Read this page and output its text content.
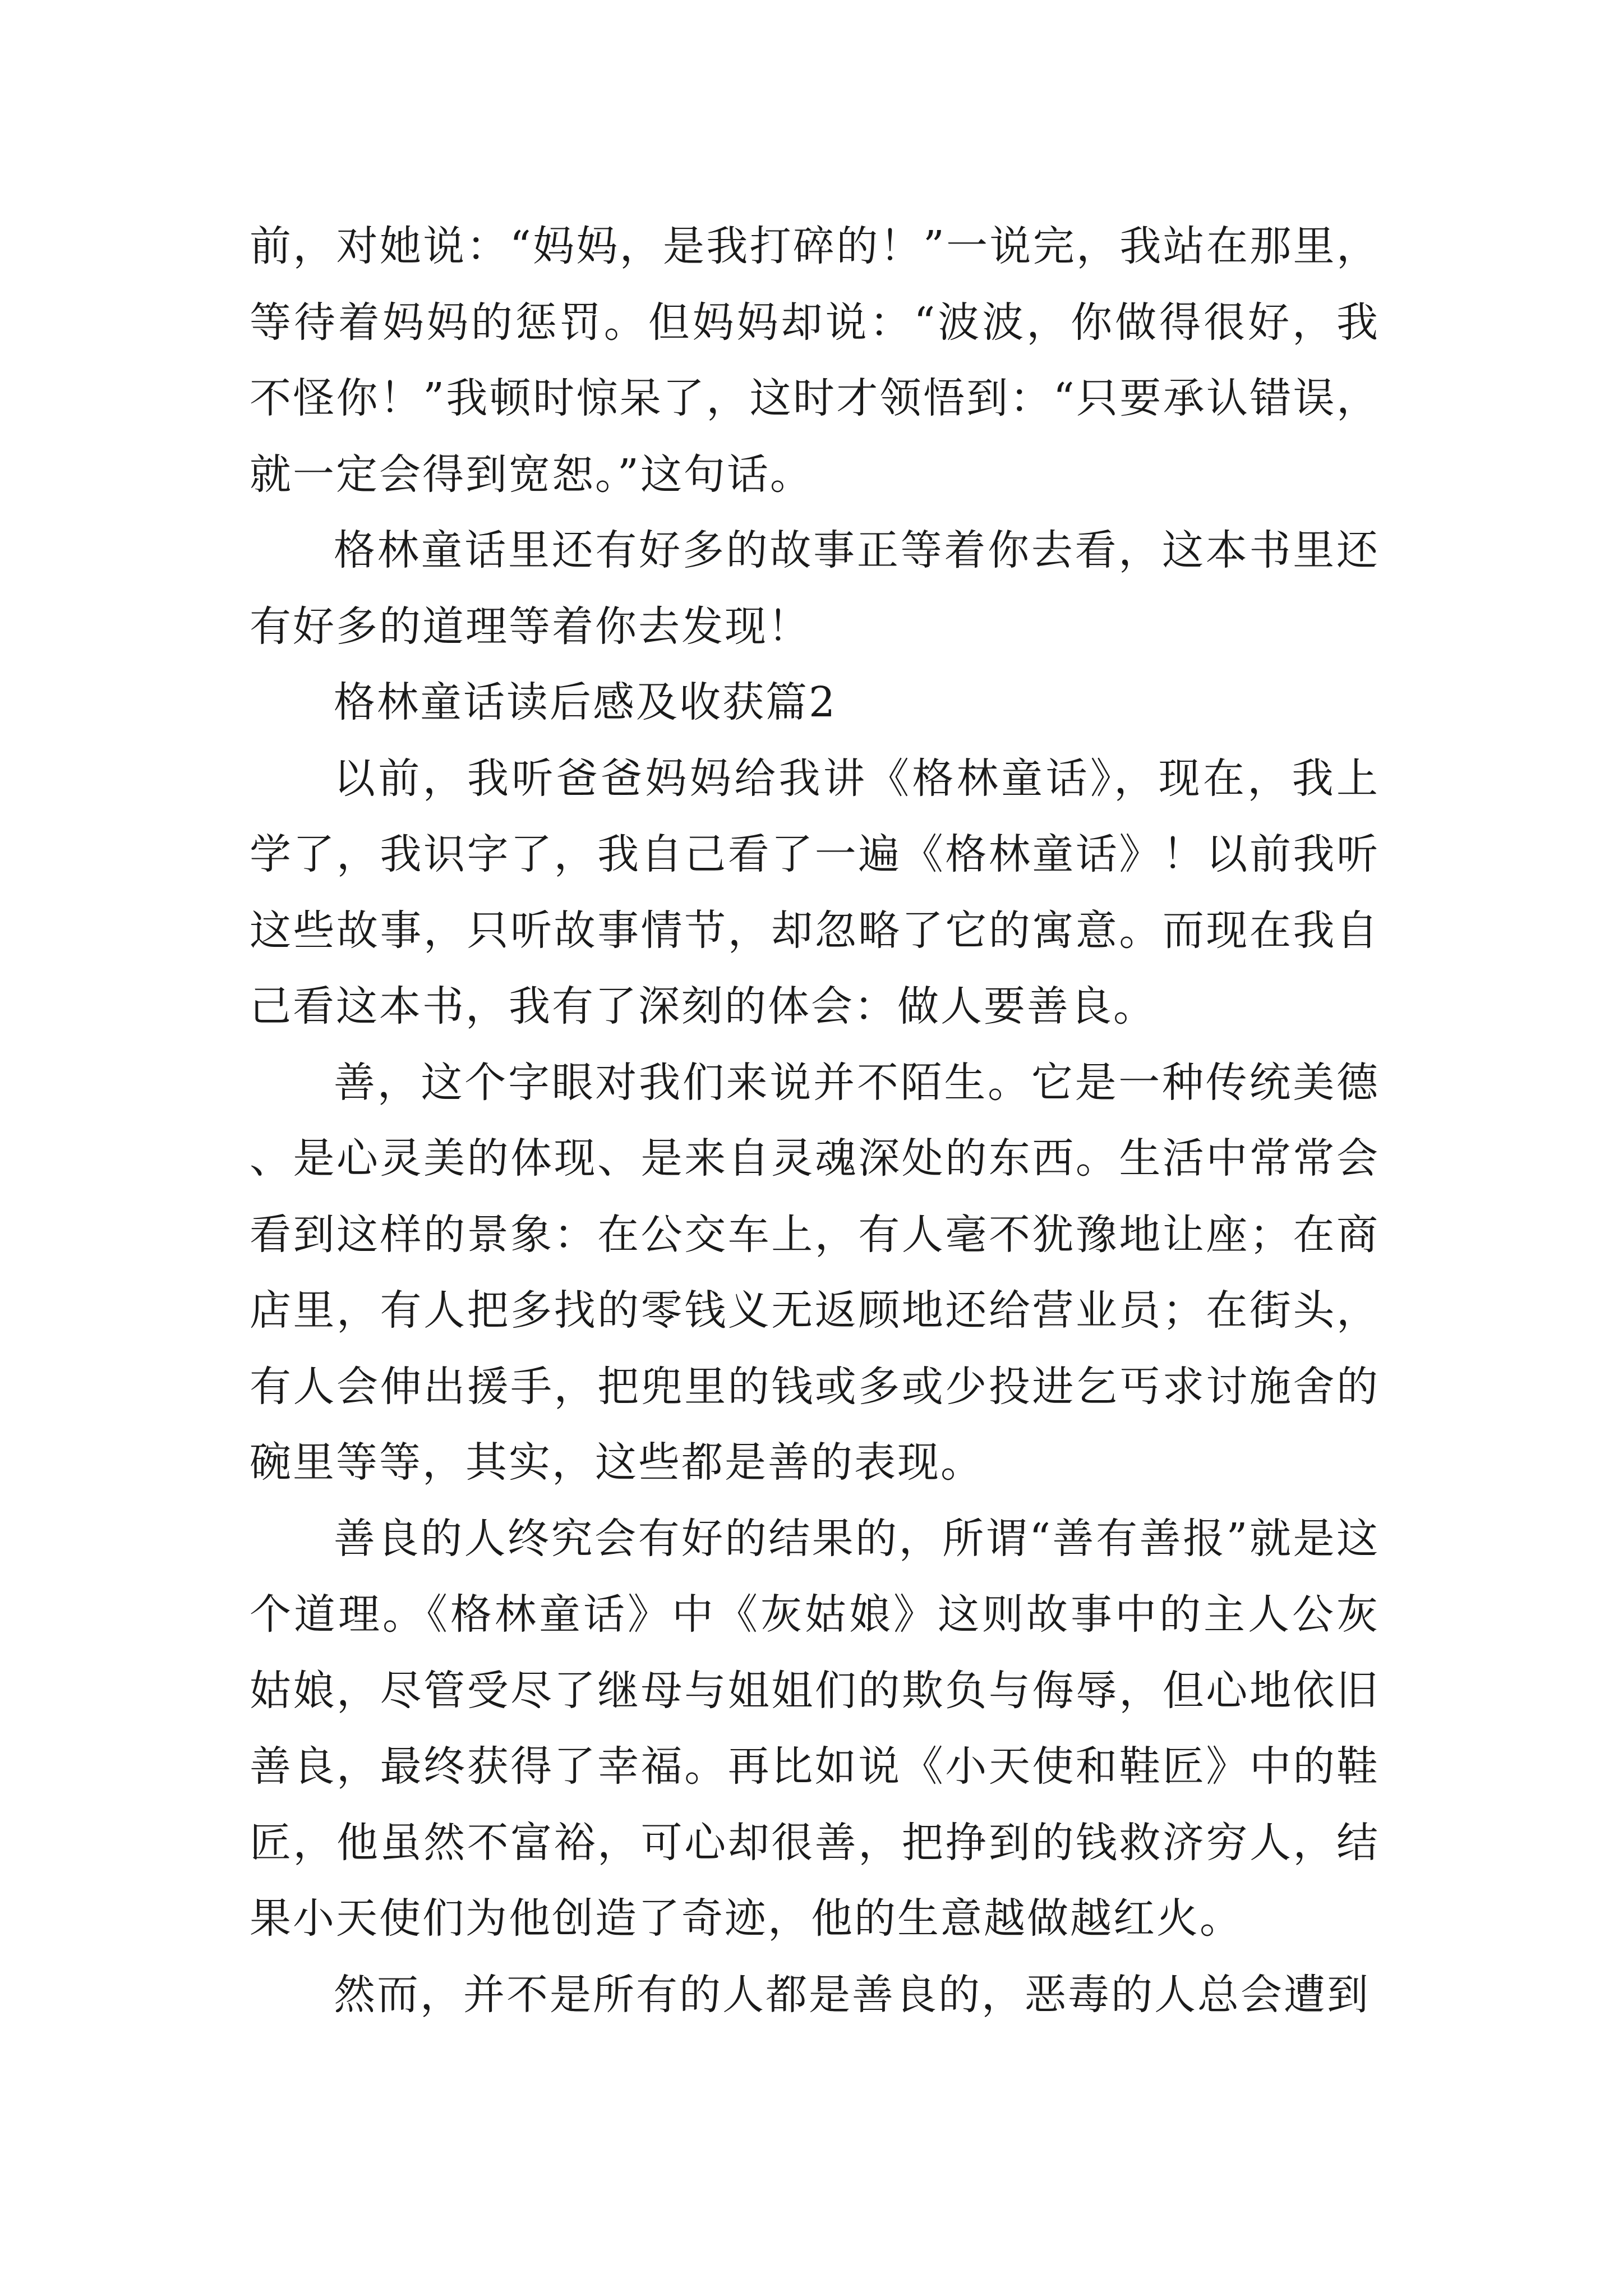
前，对她说：“妈妈，是我打碎的！”一说完，我站在那里，等待着妈妈的惩罚。但妈妈却说：“波波，你做得很好，我不怪你！”我顿时惊呆了，这时才领悟到：“只要承认错误，就一定会得到宽恕。”这句话。

格林童话里还有好多的故事正等着你去看，这本书里还有好多的道理等着你去发现！

格林童话读后感及收获篇2

以前，我听爸爸妈妈给我讲《格林童话》，现在，我上学了，我识字了，我自己看了一遍《格林童话》！以前我听这些故事，只听故事情节，却忽略了它的寓意。而现在我自己看这本书，我有了深刻的体会：做人要善良。

善，这个字眼对我们来说并不陌生。它是一种传统美德、是心灵美的体现、是来自灵魂深处的东西。生活中常常会看到这样的景象：在公交车上，有人毫不犹豫地让座；在商店里，有人把多找的零钱义无返顾地还给营业员；在街头，有人会伸出援手，把兜里的钱或多或少投进乞丐求讨施舍的碗里等等，其实，这些都是善的表现。

善良的人终究会有好的结果的，所谓“善有善报”就是这个道理。《格林童话》中《灰姑娘》这则故事中的主人公灰姑娘，尽管受尽了继母与姐姐们的欺负与侮辱，但心地依旧善良，最终获得了幸福。再比如说《小天使和鞋匠》中的鞋匠，他虽然不富裕，可心却很善，把挣到的钱救济穷人，结果小天使们为他创造了奇迹，他的生意越做越红火。

然而，并不是所有的人都是善良的，恶毒的人总会遭到
